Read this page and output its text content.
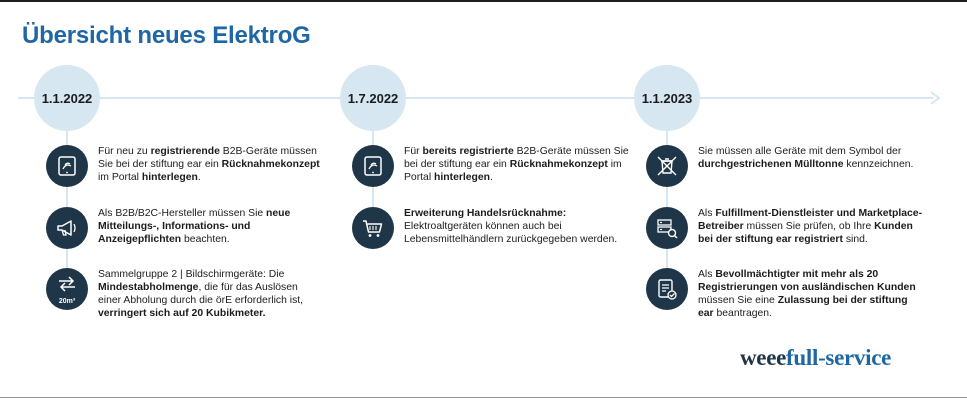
Übersicht neues ElektroG
1.1.2022
Für neu zu registrierende B2B-Geräte müssen Sie bei der stiftung ear ein Rücknahmekonzept im Portal hinterlegen.
Als B2B/B2C-Hersteller müssen Sie neue Mitteilungs-, Informations- und Anzeigepflichten beachten.
20m³
Sammelgruppe 2 | Bildschirmgeräte: Die Mindestabholmenge, die für das Auslösen einer Abholung durch die örE erforderlich ist, verringert sich auf 20 Kubikmeter.
1.7.2022
Für bereits registrierte B2B-Geräte müssen Sie bei der stiftung ear ein Rücknahmekonzept im Portal hinterlegen.
Erweiterung Handelsrücknahme: Elektroaltgeräten können auch bei Lebensmittelhändlern zurückgegeben werden.
1.1.2023
Sie müssen alle Geräte mit dem Symbol der durchgestrichenen Mülltonne kennzeichnen.
Als Fulfillment-Dienstleister und Marketplace-Betreiber müssen Sie prüfen, ob Ihre Kunden bei der stiftung ear registriert sind.
Als Bevollmächtigter mit mehr als 20 Registrierungen von ausländischen Kunden müssen Sie eine Zulassung bei der stiftung ear beantragen.
weeefull-service
